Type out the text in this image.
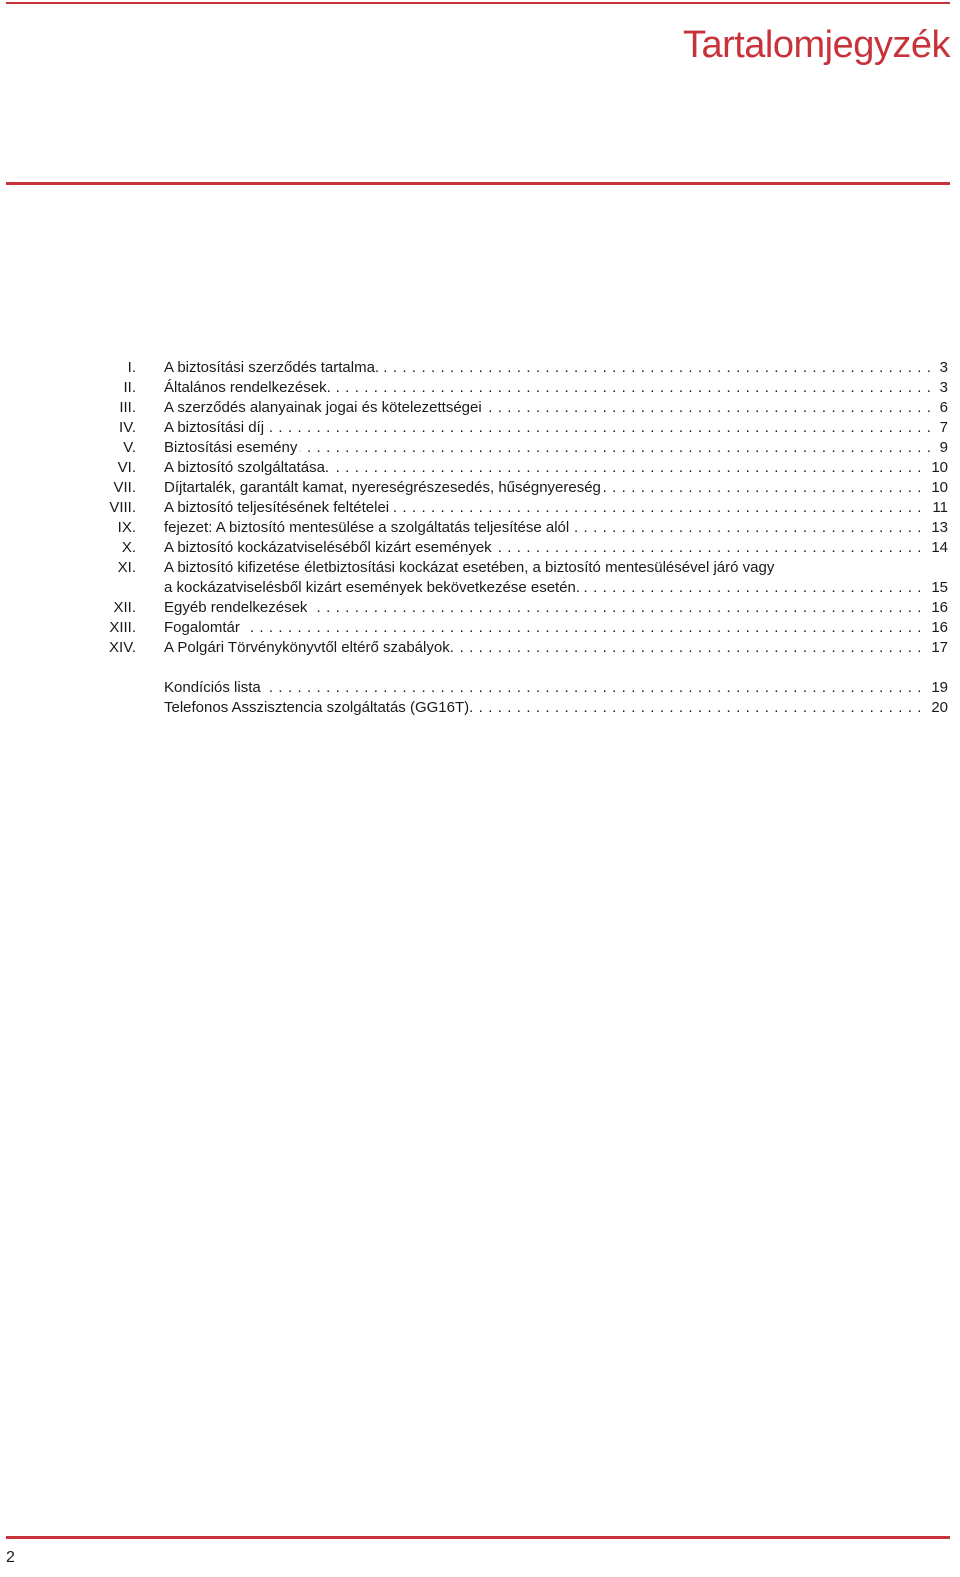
Tartalomjegyzék
I. A biztosítási szerződés tartalma.	3
. . .
II. Általános rendelkezések.	3
. . .
III. A szerződés alanyainak jogai és kötelezettségei	6
. . .
IV. A biztosítási díj	7
. . .
V. Biztosítási esemény	9
. . .
VI. A biztosító szolgáltatása.	10
. . .
VII. Díjtartalék, garantált kamat, nyereségrészesedés, hűségnyereség	10
. . .
VIII. A biztosító teljesítésének feltételei	11
. . .
IX. fejezet: A biztosító mentesülése a szolgáltatás teljesítése alól	13
. . .
X. A biztosító kockázatviseléséből kizárt események	14
. . .
XI. A biztosító kifizetése életbiztosítási kockázat esetében, a biztosító mentesülésével járó vagy
a kockázatviselésből kizárt események bekövetkezése esetén.	15
. . .
XII. Egyéb rendelkezések	16
. . .
XIII. Fogalomtár	16
. . .
XIV. A Polgári Törvénykönyvtől eltérő szabályok.	17
. . .
Kondíciós lista	19
. . .
Telefonos Asszisztencia szolgáltatás (GG16T).	20
. . .
2
